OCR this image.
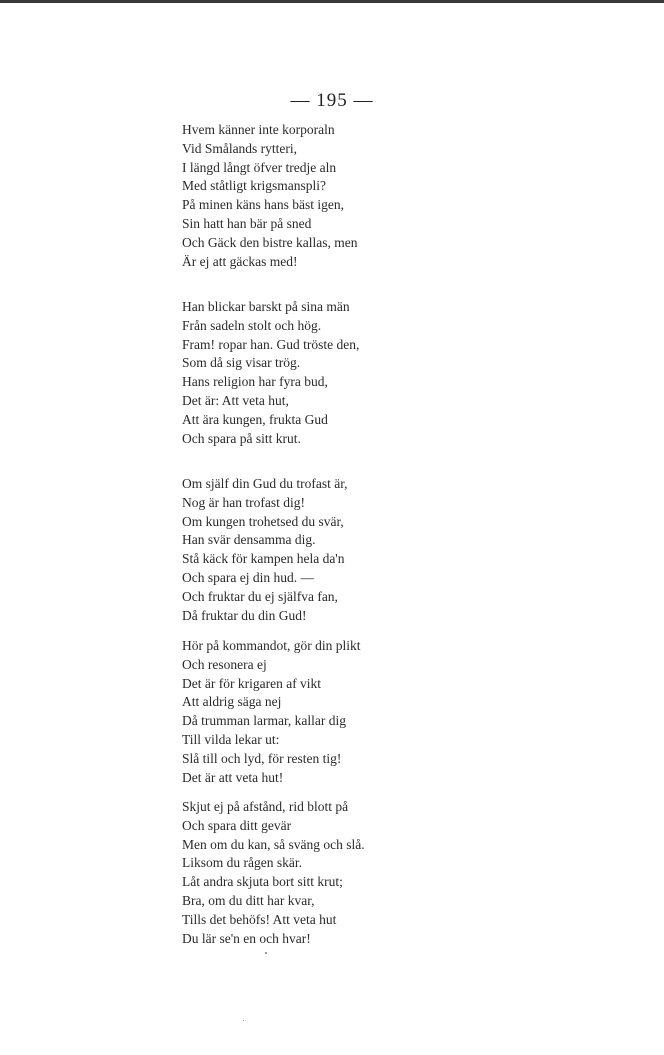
— 195 —
Hvem känner inte korporaln
Vid Smålands rytteri,
I längd långt öfver tredje aln
Med ståtligt krigsmanspli?
På minen käns hans bäst igen,
Sin hatt han bär på sned
Och Gäck den bistre kallas, men
Är ej att gäckas med!
Han blickar barskt på sina män
Från sadeln stolt och hög.
Fram! ropar han. Gud tröste den,
Som då sig visar trög.
Hans religion har fyra bud,
Det är: Att veta hut,
Att ära kungen, frukta Gud
Och spara på sitt krut.
Om själf din Gud du trofast är,
Nog är han trofast dig!
Om kungen trohetsed du svär,
Han svär densamma dig.
Stå käck för kampen hela da'n
Och spara ej din hud. —
Och fruktar du ej själfva fan,
Då fruktar du din Gud!
Hör på kommandot, gör din plikt
Och resonera ej
Det är för krigaren af vikt
Att aldrig säga nej
Då trumman larmar, kallar dig
Till vilda lekar ut:
Slå till och lyd, för resten tig!
Det är att veta hut!
Skjut ej på afstånd, rid blott på
Och spara ditt gevär
Men om du kan, så sväng och slå.
Liksom du rågen skär.
Låt andra skjuta bort sitt krut;
Bra, om du ditt har kvar,
Tills det behöfs! Att veta hut
Du lär se'n en och hvar!
